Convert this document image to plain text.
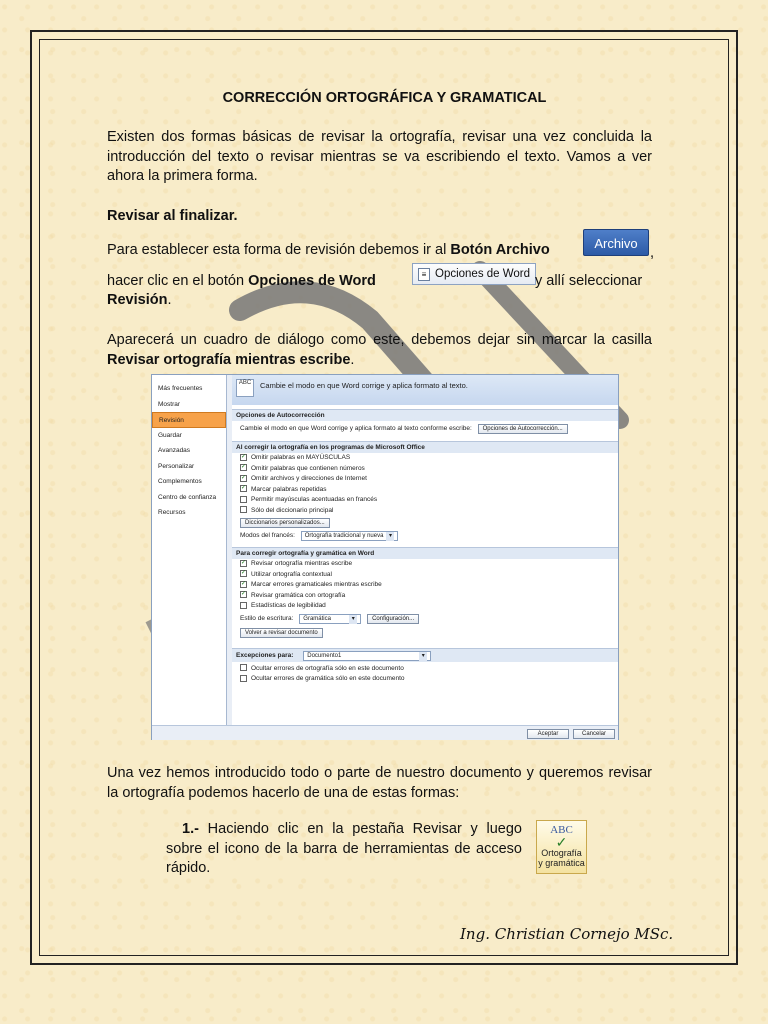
CORRECCIÓN ORTOGRÁFICA Y GRAMATICAL
Existen dos formas básicas de revisar la ortografía, revisar una vez concluida la introducción del texto o revisar mientras se va escribiendo el texto. Vamos a ver ahora la primera forma.
Revisar al finalizar.
Para establecer esta forma de revisión debemos ir al Botón Archivo	,
Archivo
hacer clic en el botón Opciones de Word	≡ Opciones de Word y allí seleccionar
Revisión.
Aparecerá un cuadro de diálogo como este, debemos dejar sin marcar la casilla Revisar ortografía mientras escribe.
Más frecuentes
Mostrar
Revisión
Guardar
Avanzadas
Personalizar
Complementos
Centro de confianza
Recursos
ABC	Cambie el modo en que Word corrige y aplica formato al texto.
Opciones de Autocorrección
Cambie el modo en que Word corrige y aplica formato al texto conforme escribe: Opciones de Autocorrección...
Al corregir la ortografía en los programas de Microsoft Office
✓ Omitir palabras en MAYÚSCULAS
✓ Omitir palabras que contienen números
✓ Omitir archivos y direcciones de Internet
✓ Marcar palabras repetidas
Permitir mayúsculas acentuadas en francés
Sólo del diccionario principal
Diccionarios personalizados...
Modos del francés: Ortografía tradicional y nueva ▾
Para corregir ortografía y gramática en Word
✓ Revisar ortografía mientras escribe
✓ Utilizar ortografía contextual
✓ Marcar errores gramaticales mientras escribe
✓ Revisar gramática con ortografía
Estadísticas de legibilidad
Estilo de escritura: Gramática	▾	Configuración...
Volver a revisar documento
Excepciones para: Documento1	▾
Ocultar errores de ortografía sólo en este documento
Ocultar errores de gramática sólo en este documento
Aceptar	Cancelar
Una vez hemos introducido todo o parte de nuestro documento y queremos revisar la ortografía podemos hacerlo de una de estas formas:
1.- Haciendo clic en la pestaña Revisar y luego sobre el icono de la barra de herramientas de acceso rápido.
ABC
✓
Ortografía
y gramática
Ing. Christian Cornejo MSc.
